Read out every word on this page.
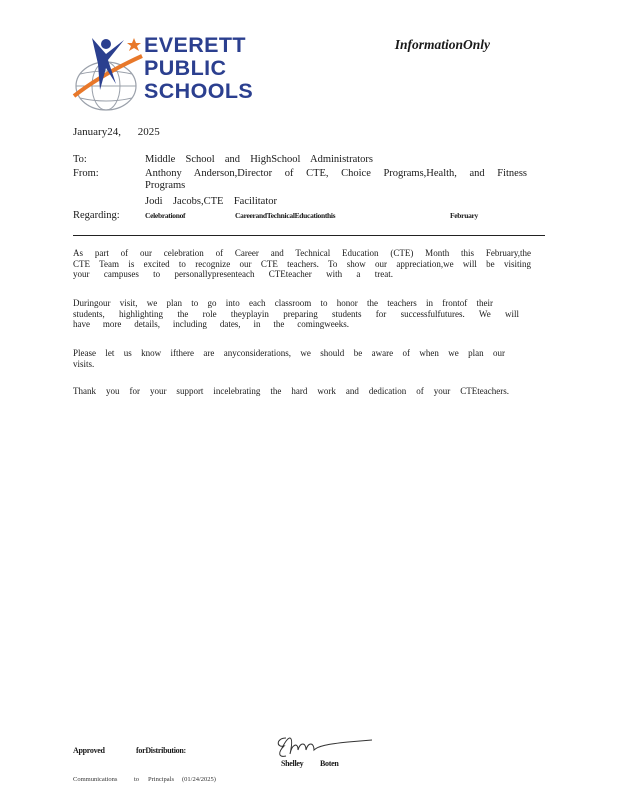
EVERETT
PUBLIC
SCHOOLS
InformationOnly
January24, 2025
To:	Middle School and HighSchool Administrators
From:	Anthony Anderson,Director of CTE, Choice Programs,Health, and Fitness
Programs
Jodi Jacobs,CTE Facilitator
Regarding:	Celebrationof	CareerandTechnicalEducationthis	February
As part of our celebration of Career and Technical Education (CTE) Month this February,the
CTE Team is excited to recognize our CTE teachers. To show our appreciation,we will be visiting
your campuses to personallypresenteach CTEteacher with a treat.
Duringour visit, we plan to go into each classroom to honor the teachers in frontof their
students, highlighting the role theyplayin preparing students for successfulfutures. We will
have more details, including dates, in the comingweeks.
Please let us know ifthere are anyconsiderations, we should be aware of when we plan our
visits.
Thank you for your support incelebrating the hard work and dedication of your CTEteachers.
Approved	forDistribution:
Shelley Boten
Communications	to Principals (01/24/2025)
